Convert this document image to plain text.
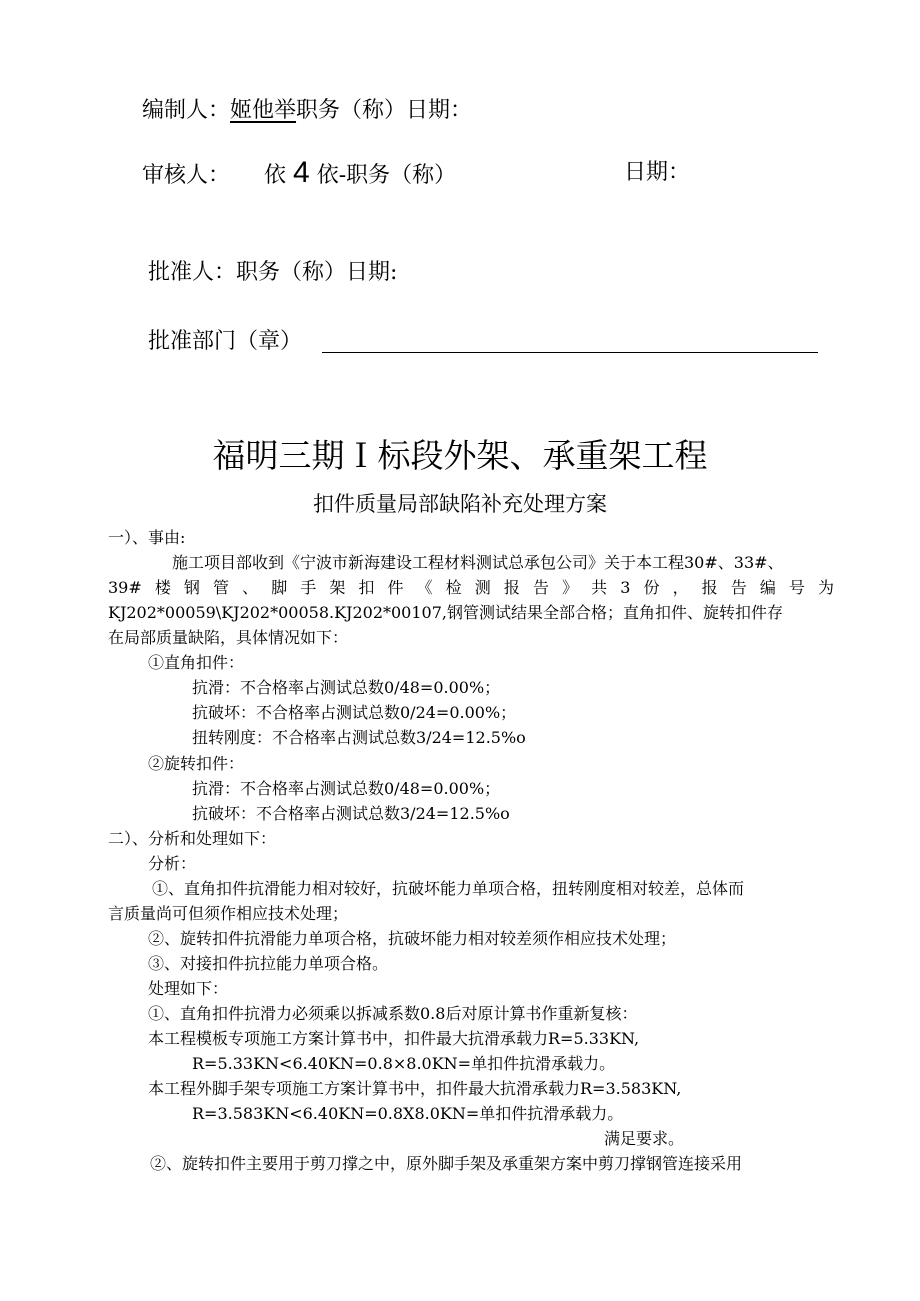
编制人：姬他举职务（称）日期：
审核人： 依 4 依-职务（称）	日期：
批准人：职务（称）日期:
批准部门（章）
福明三期Ｉ标段外架、承重架工程
扣件质量局部缺陷补充处理方案
一）、事由:
施工项目部收到《宁波市新海建设工程材料测试总承包公司》关于本工程30#、33#、
39#楼钢管、脚手架扣件《检测报告》共3份，报告编号为
KJ202*00059\KJ202*00058.KJ202*00107,钢管测试结果全部合格；直角扣件、旋转扣件存
在局部质量缺陷，具体情况如下：
①直角扣件：
抗滑：不合格率占测试总数0/48=0.00%；
抗破坏：不合格率占测试总数0/24=0.00%；
扭转刚度：不合格率占测试总数3/24=12.5%o
②旋转扣件：
抗滑：不合格率占测试总数0/48=0.00%；
抗破坏：不合格率占测试总数3/24=12.5%o
二）、分析和处理如下：
分析：
①、直角扣件抗滑能力相对较好，抗破坏能力单项合格，扭转刚度相对较差，总体而
言质量尚可但须作相应技术处理；
②、旋转扣件抗滑能力单项合格，抗破坏能力相对较差须作相应技术处理；
③、对接扣件抗拉能力单项合格。
处理如下：
①、直角扣件抗滑力必须乘以拆减系数0.8后对原计算书作重新复核：
本工程模板专项施工方案计算书中，扣件最大抗滑承载力R=5.33KN,
R=5.33KN<6.40KN=0.8×8.0KN=单扣件抗滑承载力。
本工程外脚手架专项施工方案计算书中，扣件最大抗滑承载力R=3.583KN,
R=3.583KN<6.40KN=0.8X8.0KN=单扣件抗滑承载力。
满足要求。
②、旋转扣件主要用于剪刀撑之中，原外脚手架及承重架方案中剪刀撑钢管连接采用
